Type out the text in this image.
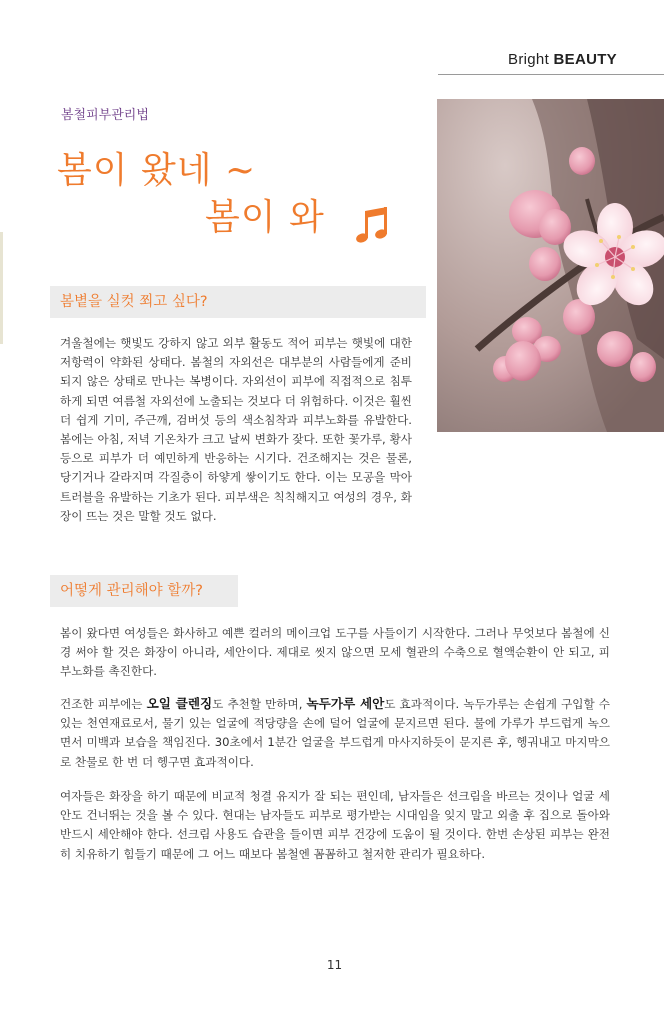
Bright BEAUTY
봄철피부관리법
봄이 왔네 ~
봄이 와
봄볕을 실컷 쬐고 싶다?

겨울철에는 햇빛도 강하지 않고 외부 활동도 적어 피부는 햇빛에 대한 저항력이 약화된 상태다. 봄철의 자외선은 대부분의 사람들에게 준비되지 않은 상태로 만나는 복병이다. 자외선이 피부에 직접적으로 침투하게 되면 여름철 자외선에 노출되는 것보다 더 위험하다. 이것은 훨씬 더 쉽게 기미, 주근깨, 검버섯 등의 색소침착과 피부노화를 유발한다. 봄에는 아침, 저녁 기온차가 크고 날씨 변화가 잦다. 또한 꽃가루, 황사 등으로 피부가 더 예민하게 반응하는 시기다. 건조해지는 것은 물론, 당기거나 갈라지며 각질층이 하얗게 쌓이기도 한다. 이는 모공을 막아 트러블을 유발하는 기초가 된다. 피부색은 칙칙해지고 여성의 경우, 화장이 뜨는 것은 말할 것도 없다.

어떻게 관리해야 할까?

봄이 왔다면 여성들은 화사하고 예쁜 컬러의 메이크업 도구를 사들이기 시작한다. 그러나 무엇보다 봄철에 신경 써야 할 것은 화장이 아니라, 세안이다. 제대로 씻지 않으면 모세 혈관의 수축으로 혈액순환이 안 되고, 피부노화를 촉진한다.

건조한 피부에는 오일 클렌징도 추천할 만하며, 녹두가루 세안도 효과적이다. 녹두가루는 손쉽게 구입할 수 있는 천연재료로서, 물기 있는 얼굴에 적당량을 손에 덜어 얼굴에 문지르면 된다. 물에 가루가 부드럽게 녹으면서 미백과 보습을 책임진다. 30초에서 1분간 얼굴을 부드럽게 마사지하듯이 문지른 후, 헹궈내고 마지막으로 찬물로 한 번 더 헹구면 효과적이다.

여자들은 화장을 하기 때문에 비교적 청결 유지가 잘 되는 편인데, 남자들은 선크림을 바르는 것이나 얼굴 세안도 건너뛰는 것을 볼 수 있다. 현대는 남자들도 피부로 평가받는 시대임을 잊지 말고 외출 후 집으로 돌아와 반드시 세안해야 한다. 선크림 사용도 습관을 들이면 피부 건강에 도움이 될 것이다. 한번 손상된 피부는 완전히 치유하기 힘들기 때문에 그 어느 때보다 봄철엔 꼼꼼하고 철저한 관리가 필요하다.

11
